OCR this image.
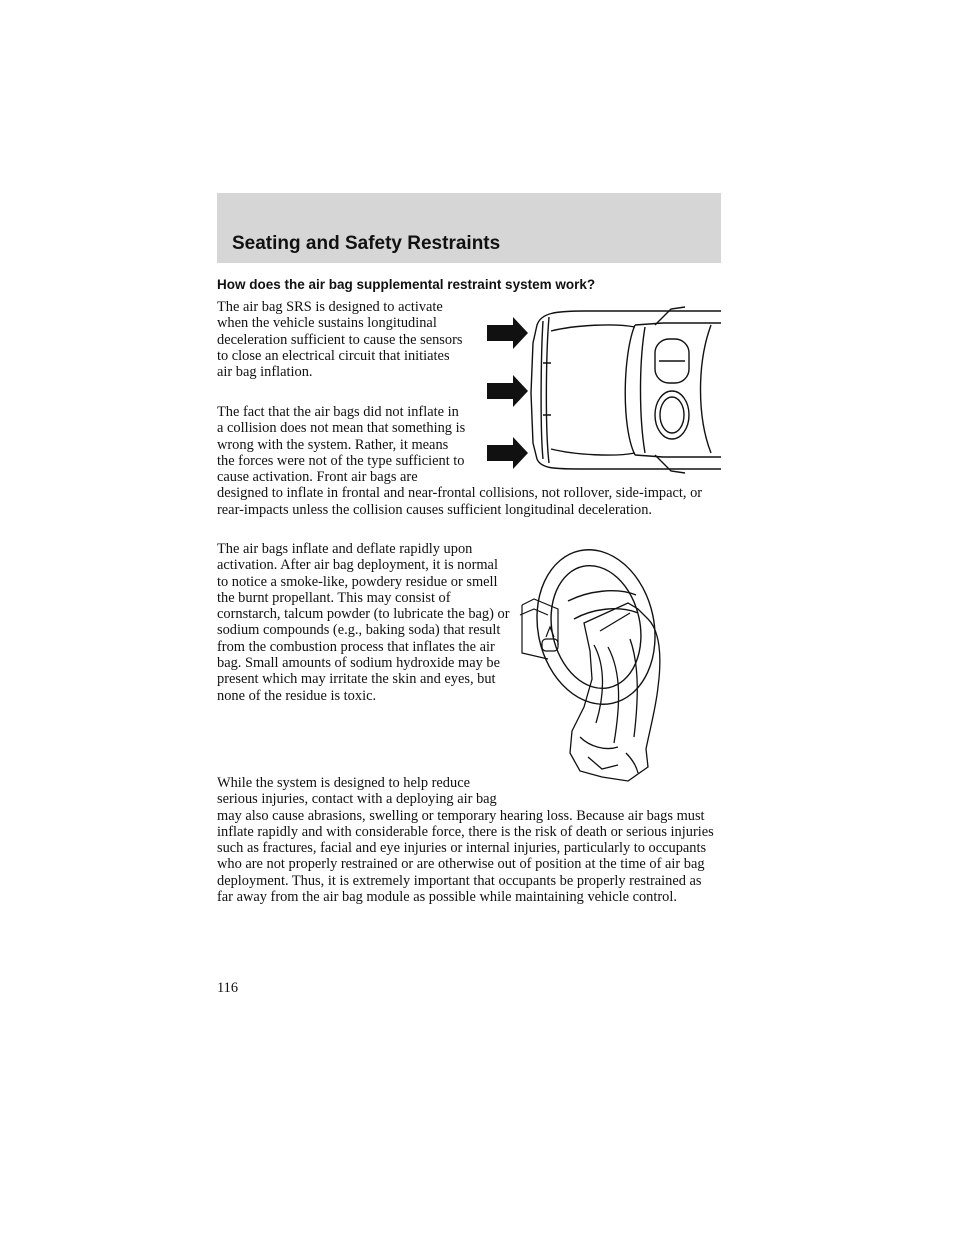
Seating and Safety Restraints
How does the air bag supplemental restraint system work?

The air bag SRS is designed to activate when the vehicle sustains longitudinal deceleration sufficient to cause the sensors to close an electrical circuit that initiates air bag inflation.

The fact that the air bags did not inflate in a collision does not mean that something is wrong with the system. Rather, it means the forces were not of the type sufficient to cause activation. Front air bags are designed to inflate in frontal and near-frontal collisions, not rollover, side-impact, or rear-impacts unless the collision causes sufficient longitudinal deceleration.

The air bags inflate and deflate rapidly upon activation. After air bag deployment, it is normal to notice a smoke-like, powdery residue or smell the burnt propellant. This may consist of cornstarch, talcum powder (to lubricate the bag) or sodium compounds (e.g., baking soda) that result from the combustion process that inflates the air bag. Small amounts of sodium hydroxide may be present which may irritate the skin and eyes, but none of the residue is toxic.

While the system is designed to help reduce serious injuries, contact with a deploying air bag may also cause abrasions, swelling or temporary hearing loss. Because air bags must inflate rapidly and with considerable force, there is the risk of death or serious injuries such as fractures, facial and eye injuries or internal injuries, particularly to occupants who are not properly restrained or are otherwise out of position at the time of air bag deployment. Thus, it is extremely important that occupants be properly restrained as far away from the air bag module as possible while maintaining vehicle control.

116
